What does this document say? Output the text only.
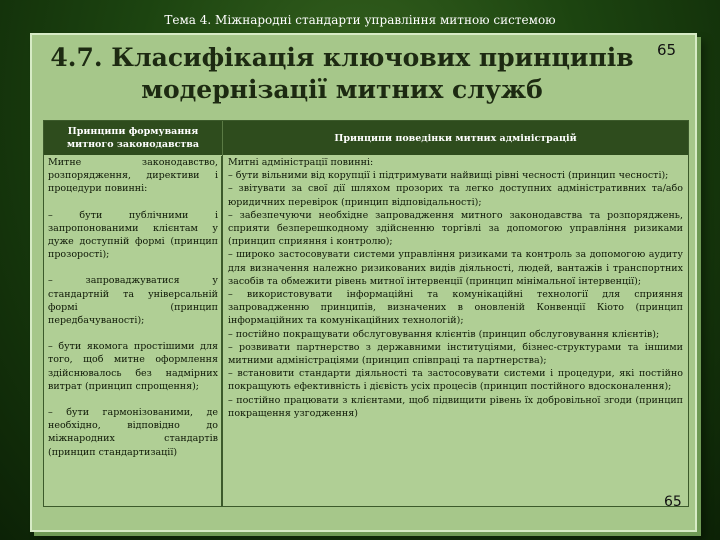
Тема 4. Міжнародні стандарти управління митною системою
65
4.7. Класифікація ключових принципів
модернізації митних служб
Принципи формування митного законодавства
Принципи поведінки митних адміністрацій

Митне законодавство, розпорядження, директиви і процедури повинні:

– бути публічними і запропонованими клієнтам у дуже доступній формі (принцип прозорості);

– запроваджуватися у стандартній та універсальній формі (принцип передбачуваності);

– бути якомога простішими для того, щоб митне оформлення здійснювалось без надмірних витрат (принцип спрощення);

– бути гармонізованими, де необхідно, відповідно до міжнародних стандартів (принцип стандартизації)

Митні адміністрації повинні:

– бути вільними від корупції і підтримувати найвищі рівні чесності (принцип чесності);

– звітувати за свої дії шляхом прозорих та легко доступних адміністративних та/або юридичних перевірок (принцип відповідальності);

– забезпечуючи необхідне запровадження митного законодавства та розпоряджень, сприяти безперешкодному здійсненню торгівлі за допомогою управління ризиками (принцип сприяння і контролю);

– широко застосовувати системи управління ризиками та контроль за допомогою аудиту для визначення належно ризикованих видів діяльності, людей, вантажів і транспортних засобів та обмежити рівень митної інтервенції (принцип мінімальної інтервенції);

– використовувати інформаційні та комунікаційні технології для сприяння запровадженню принципів, визначених в оновленій Конвенції Кіото (принцип інформаційних та комунікаційних технологій);

– постійно покращувати обслуговування клієнтів (принцип обслуговування клієнтів);

– розвивати партнерство з державними інституціями, бізнес-структурами та іншими митними адміністраціями (принцип співпраці та партнерства);

– встановити стандарти діяльності та застосовувати системи і процедури, які постійно покращують ефективність і дієвість усіх процесів (принцип постійного вдосконалення);

– постійно працювати з клієнтами, щоб підвищити рівень їх добровільної згоди (принцип покращення узгодження)

65
